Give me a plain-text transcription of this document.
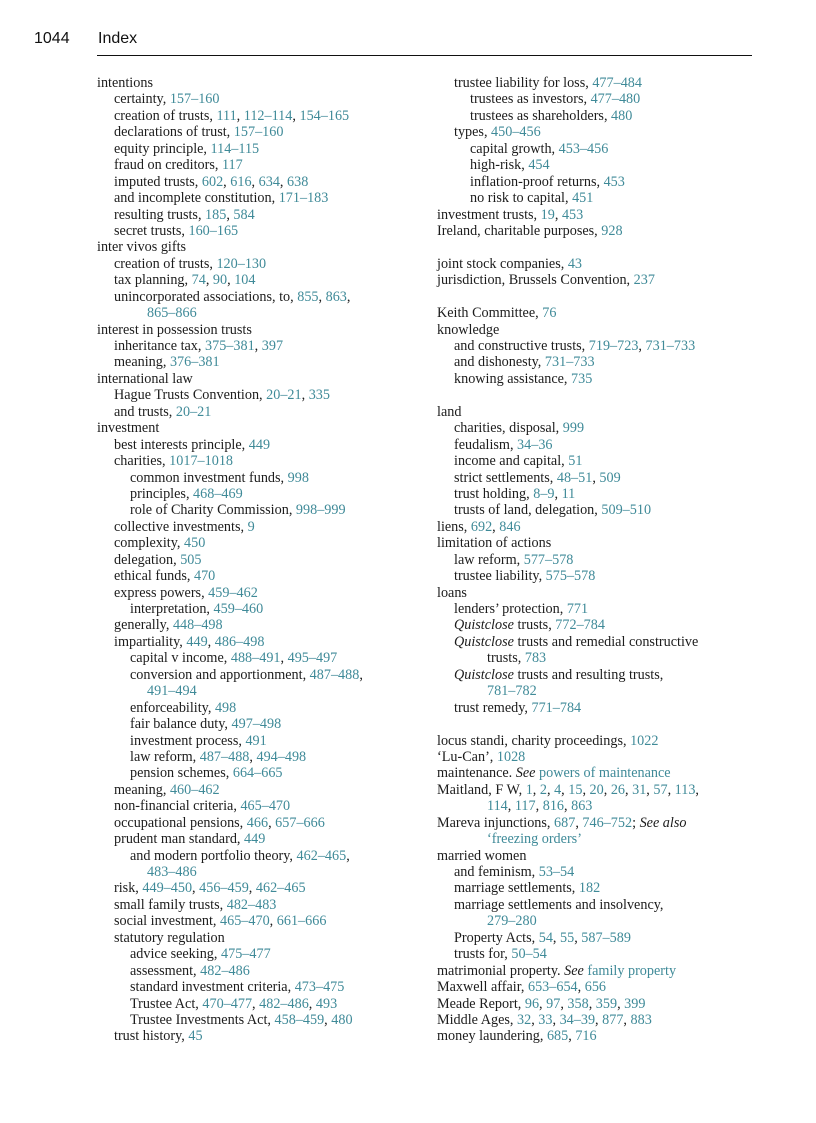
1044 Index
intentions
certainty, 157–160
creation of trusts, 111, 112–114, 154–165
declarations of trust, 157–160
equity principle, 114–115
fraud on creditors, 117
imputed trusts, 602, 616, 634, 638
and incomplete constitution, 171–183
resulting trusts, 185, 584
secret trusts, 160–165
inter vivos gifts
creation of trusts, 120–130
tax planning, 74, 90, 104
unincorporated associations, to, 855, 863,
865–866
interest in possession trusts
inheritance tax, 375–381, 397
meaning, 376–381
international law
Hague Trusts Convention, 20–21, 335
and trusts, 20–21
investment
best interests principle, 449
charities, 1017–1018
common investment funds, 998
principles, 468–469
role of Charity Commission, 998–999
collective investments, 9
complexity, 450
delegation, 505
ethical funds, 470
express powers, 459–462
interpretation, 459–460
generally, 448–498
impartiality, 449, 486–498
capital v income, 488–491, 495–497
conversion and apportionment, 487–488,
491–494
enforceability, 498
fair balance duty, 497–498
investment process, 491
law reform, 487–488, 494–498
pension schemes, 664–665
meaning, 460–462
non-financial criteria, 465–470
occupational pensions, 466, 657–666
prudent man standard, 449
and modern portfolio theory, 462–465,
483–486
risk, 449–450, 456–459, 462–465
small family trusts, 482–483
social investment, 465–470, 661–666
statutory regulation
advice seeking, 475–477
assessment, 482–486
standard investment criteria, 473–475
Trustee Act, 470–477, 482–486, 493
Trustee Investments Act, 458–459, 480
trust history, 45
trustee liability for loss, 477–484
trustees as investors, 477–480
trustees as shareholders, 480
types, 450–456
capital growth, 453–456
high-risk, 454
inflation-proof returns, 453
no risk to capital, 451
investment trusts, 19, 453
Ireland, charitable purposes, 928
joint stock companies, 43
jurisdiction, Brussels Convention, 237
Keith Committee, 76
knowledge
and constructive trusts, 719–723, 731–733
and dishonesty, 731–733
knowing assistance, 735
land
charities, disposal, 999
feudalism, 34–36
income and capital, 51
strict settlements, 48–51, 509
trust holding, 8–9, 11
trusts of land, delegation, 509–510
liens, 692, 846
limitation of actions
law reform, 577–578
trustee liability, 575–578
loans
lenders’ protection, 771
Quistclose trusts, 772–784
Quistclose trusts and remedial constructive
trusts, 783
Quistclose trusts and resulting trusts,
781–782
trust remedy, 771–784
locus standi, charity proceedings, 1022
‘Lu-Can’, 1028
maintenance. See powers of maintenance
Maitland, F W, 1, 2, 4, 15, 20, 26, 31, 57, 113,
114, 117, 816, 863
Mareva injunctions, 687, 746–752; See also
‘freezing orders’
married women
and feminism, 53–54
marriage settlements, 182
marriage settlements and insolvency,
279–280
Property Acts, 54, 55, 587–589
trusts for, 50–54
matrimonial property. See family property
Maxwell affair, 653–654, 656
Meade Report, 96, 97, 358, 359, 399
Middle Ages, 32, 33, 34–39, 877, 883
money laundering, 685, 716
